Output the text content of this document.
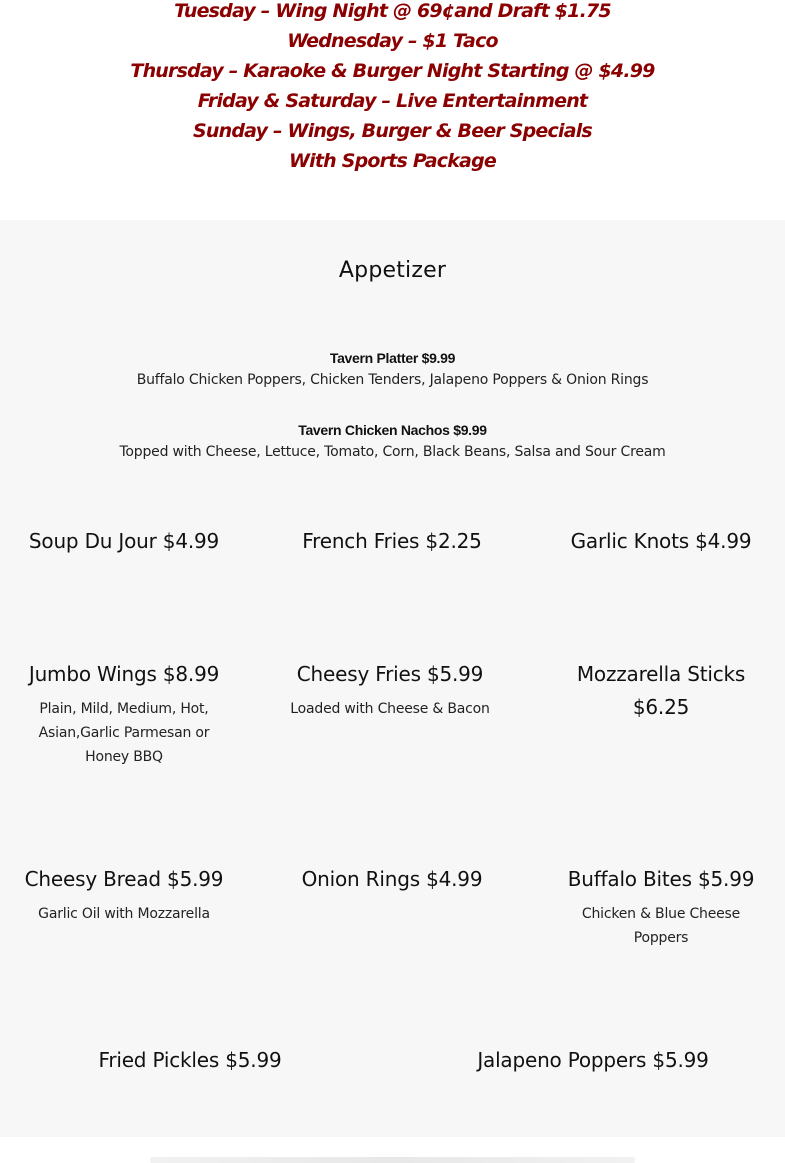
Tuesday – Wing Night @ 69¢and Draft $1.75
Wednesday – $1 Taco
Thursday – Karaoke & Burger Night Starting @ $4.99
Friday & Saturday – Live Entertainment
Sunday – Wings, Burger & Beer Specials
With Sports Package
Appetizer
Tavern Platter $9.99
Buffalo Chicken Poppers, Chicken Tenders, Jalapeno Poppers & Onion Rings
Tavern Chicken Nachos $9.99
Topped with Cheese, Lettuce, Tomato, Corn, Black Beans, Salsa and Sour Cream
Soup Du Jour $4.99	French Fries $2.25	Garlic Knots $4.99
Jumbo Wings $8.99
Plain, Mild, Medium, Hot, Asian,Garlic Parmesan or Honey BBQ
Cheesy Fries $5.99
Loaded with Cheese & Bacon
Mozzarella Sticks $6.25
Cheesy Bread $5.99
Garlic Oil with Mozzarella
Onion Rings $4.99	Buffalo Bites $5.99
Chicken & Blue Cheese Poppers
Fried Pickles $5.99	Jalapeno Poppers $5.99
